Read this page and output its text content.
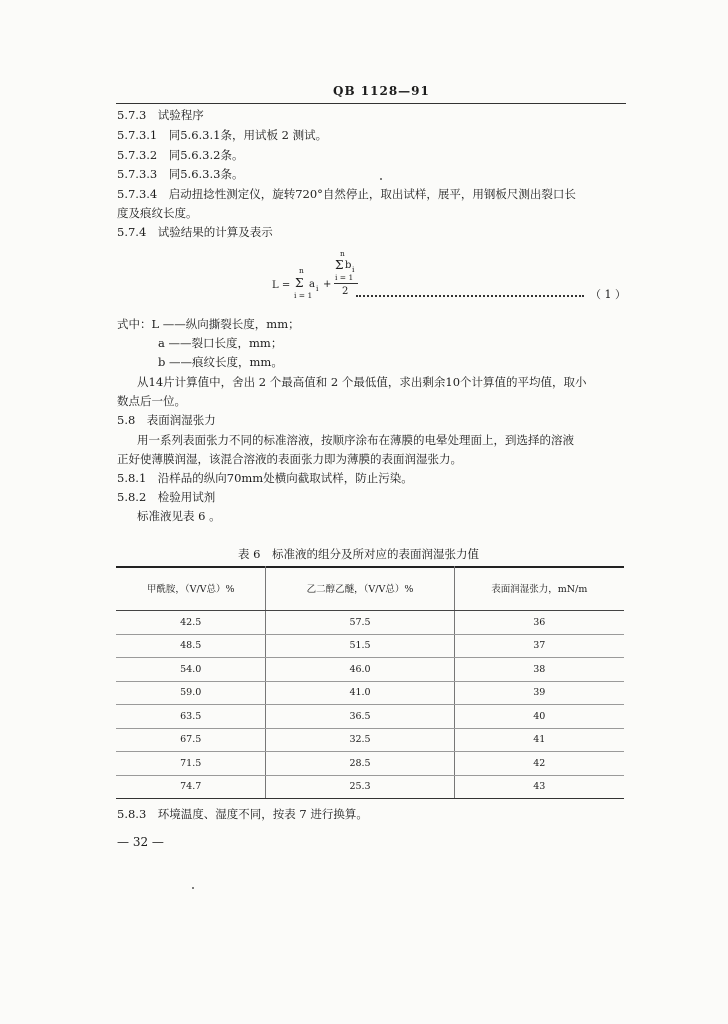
QB 1128—91
5.7.3　试验程序
5.7.3.1　同5.6.3.1条，用试板 2 测试。
5.7.3.2　同5.6.3.2条。
5.7.3.3　同5.6.3.3条。
5.7.3.4　启动扭捻性测定仪，旋转720°自然停止，取出试样，展平，用钢板尺测出裂口长
度及痕纹长度。
5.7.4　试验结果的计算及表示
L =
n
Σ
i = 1
a i +
n
Σ b i
i = 1
2	（ 1 ）
式中：L ——纵向撕裂长度，mm；
a ——裂口长度，mm；
b ——痕纹长度，mm。
从14片计算值中，舍出 2 个最高值和 2 个最低值，求出剩余10个计算值的平均值，取小
数点后一位。
5.8　表面润湿张力
用一系列表面张力不同的标准溶液，按顺序涂布在薄膜的电晕处理面上，到选择的溶液
正好使薄膜润湿，该混合溶液的表面张力即为薄膜的表面润湿张力。
5.8.1　沿样品的纵向70mm处横向截取试样，防止污染。
5.8.2　检验用试剂
标准液见表 6 。
表 6　标准液的组分及所对应的表面润湿张力值
甲酰胺，（V/V总）%	乙二醇乙醚，（V/V总）%	表面润湿张力，mN/m
42.5	57.5	36
48.5	51.5	37
54.0	46.0	38
59.0	41.0	39
63.5	36.5	40
67.5	32.5	41
71.5	28.5	42
74.7	25.3	43
5.8.3　环境温度、湿度不同，按表 7 进行换算。
— 32 —
